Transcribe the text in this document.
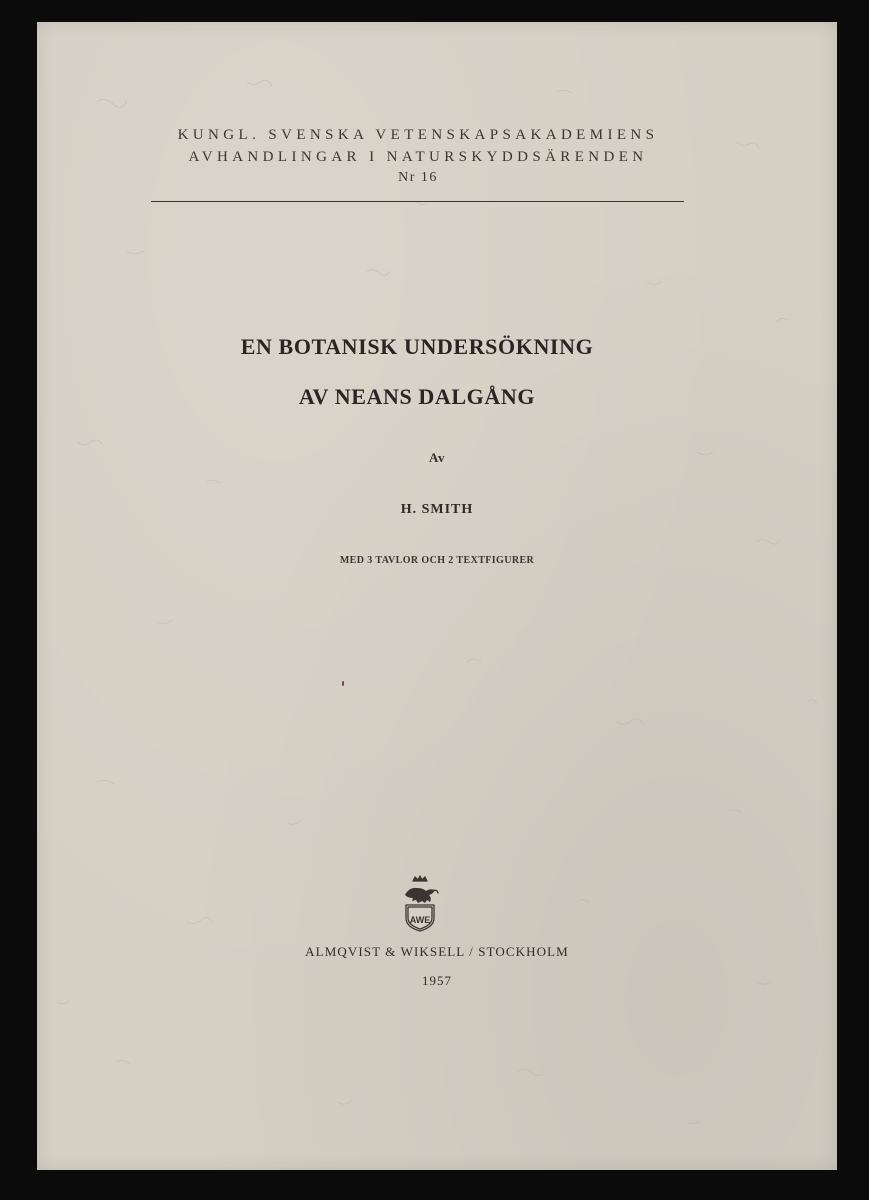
KUNGL. SVENSKA VETENSKAPSAKADEMIENS
AVHANDLINGAR I NATURSKYDDSÄRENDEN
Nr 16
EN BOTANISK UNDERSÖKNING
AV NEANS DALGÅNG
Av
H. SMITH
MED 3 TAVLOR OCH 2 TEXTFIGURER
AWE
ALMQVIST & WIKSELL / STOCKHOLM
1957
